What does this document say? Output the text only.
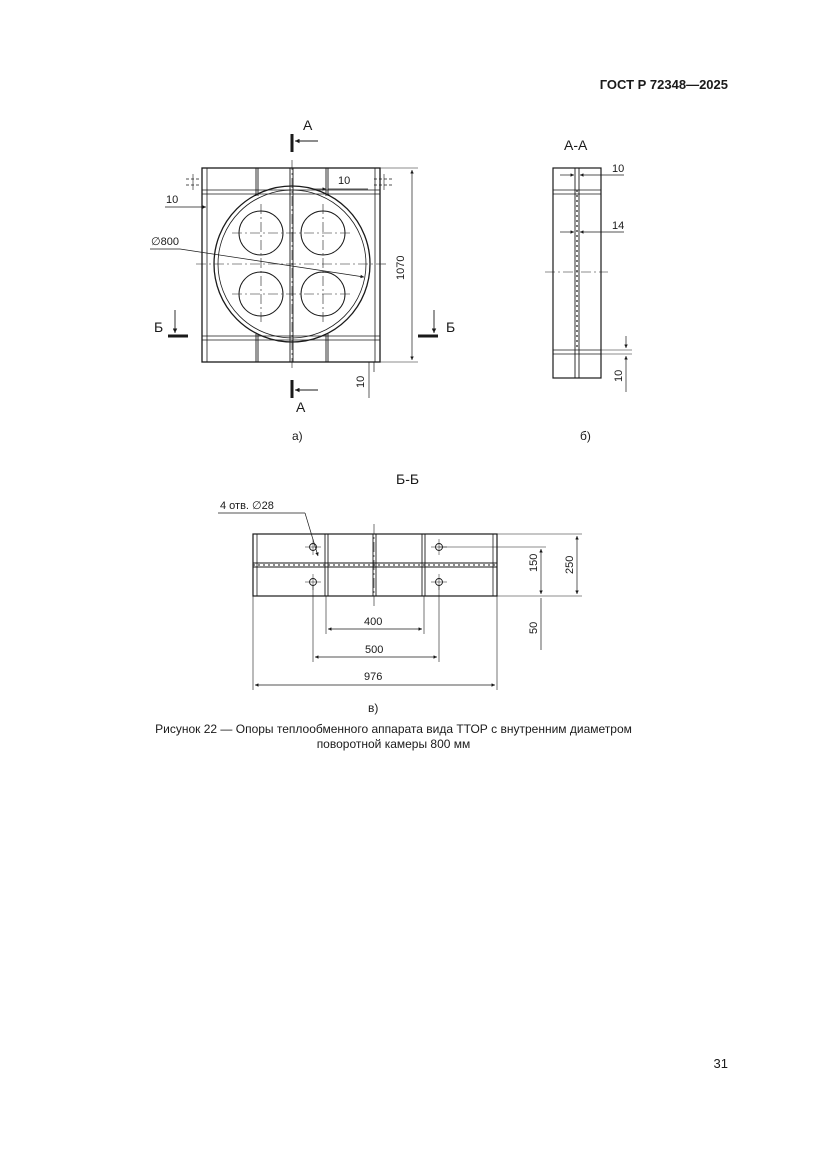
ГОСТ Р 72348—2025
А
А
Б	Б
10
10
∅800
1070
10
а)
А-А
10
14
10
б)
Б-Б
4 отв. ∅28
150 250
50
400
500
976
в)
Рисунок 22 — Опоры теплообменного аппарата вида ТТОР с внутренним диаметром
поворотной камеры 800 мм
31
